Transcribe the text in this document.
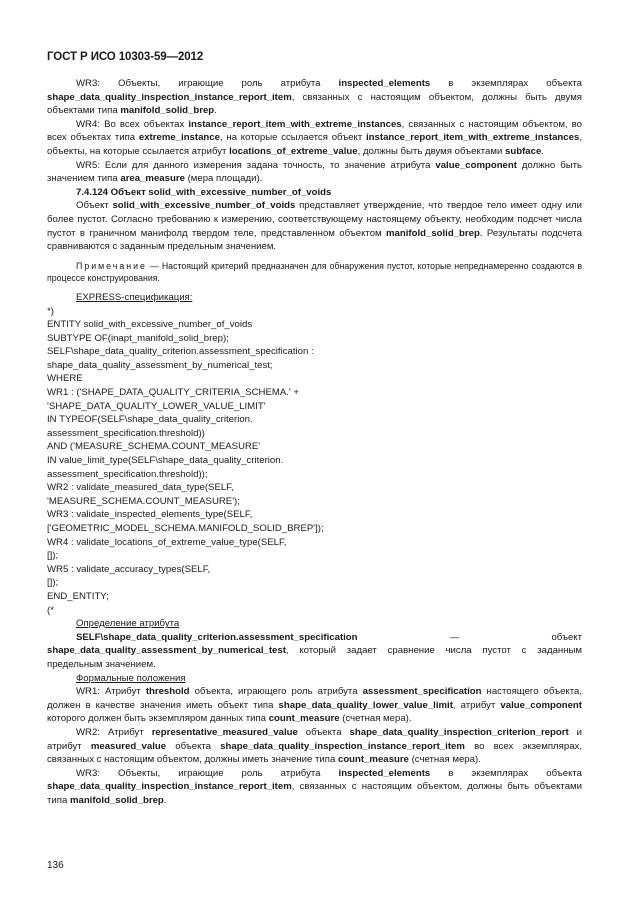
ГОСТ Р ИСО 10303-59—2012

WR3: Объекты, играющие роль атрибута inspected_elements в экземплярах объекта shape_data_quality_inspection_instance_report_item, связанных с настоящим объектом, должны быть двумя объектами типа manifold_solid_brep.

WR4: Во всех объектах instance_report_item_with_extreme_instances, связанных с настоящим объектом, во всех объектах типа extreme_instance, на которые ссылается объект instance_report_item_with_extreme_instances, объекты, на которые ссылается атрибут locations_of_extreme_value, должны быть двумя объектами subface.

WR5: Если для данного измерения задана точность, то значение атрибута value_component должно быть значением типа area_measure (мера площади).

7.4.124 Объект solid_with_excessive_number_of_voids

Объект solid_with_excessive_number_of_voids представляет утверждение, что твердое тело имеет одну или более пустот. Согласно требованию к измерению, соответствующему настоящему объекту, необходим подсчет числа пустот в граничном манифолд твердом теле, представленном объектом manifold_solid_brep. Результаты подсчета сравниваются с заданным предельным значением.

Примечание — Настоящий критерий предназначен для обнаружения пустот, которые непреднамеренно создаются в процессе конструирования.

EXPRESS-спецификация:

*)
ENTITY solid_with_excessive_number_of_voids
SUBTYPE OF(inapt_manifold_solid_brep);
SELF\shape_data_quality_criterion.assessment_specification :
shape_data_quality_assessment_by_numerical_test;
WHERE
WR1 : ('SHAPE_DATA_QUALITY_CRITERIA_SCHEMA.' +
'SHAPE_DATA_QUALITY_LOWER_VALUE_LIMIT'
IN TYPEOF(SELF\shape_data_quality_criterion.
assessment_specification.threshold))
AND ('MEASURE_SCHEMA.COUNT_MEASURE'
IN value_limit_type(SELF\shape_data_quality_criterion.
assessment_specification.threshold));
WR2 : validate_measured_data_type(SELF,
'MEASURE_SCHEMA.COUNT_MEASURE');
WR3 : validate_inspected_elements_type(SELF,
['GEOMETRIC_MODEL_SCHEMA.MANIFOLD_SOLID_BREP']);
WR4 : validate_locations_of_extreme_value_type(SELF,
[]);
WR5 : validate_accuracy_types(SELF,
[]);
END_ENTITY;
(*

Определение атрибута

SELF\shape_data_quality_criterion.assessment_specification — объект shape_data_quality_assessment_by_numerical_test, который задает сравнение числа пустот с заданным предельным значением.

Формальные положения

WR1: Атрибут threshold объекта, играющего роль атрибута assessment_specification настоящего объекта, должен в качестве значения иметь объект типа shape_data_quality_lower_value_limit, атрибут value_component которого должен быть экземпляром данных типа count_measure (счетная мера).

WR2: Атрибут representative_measured_value объекта shape_data_quality_inspection_criterion_report и атрибут measured_value объекта shape_data_quality_inspection_instance_report_item во всех экземплярах, связанных с настоящим объектом, должны иметь значение типа count_measure (счетная мера).

WR3: Объекты, играющие роль атрибута inspected_elements в экземплярах объекта shape_data_quality_inspection_instance_report_item, связанных с настоящим объектом, должны быть объектами типа manifold_solid_brep.

136
